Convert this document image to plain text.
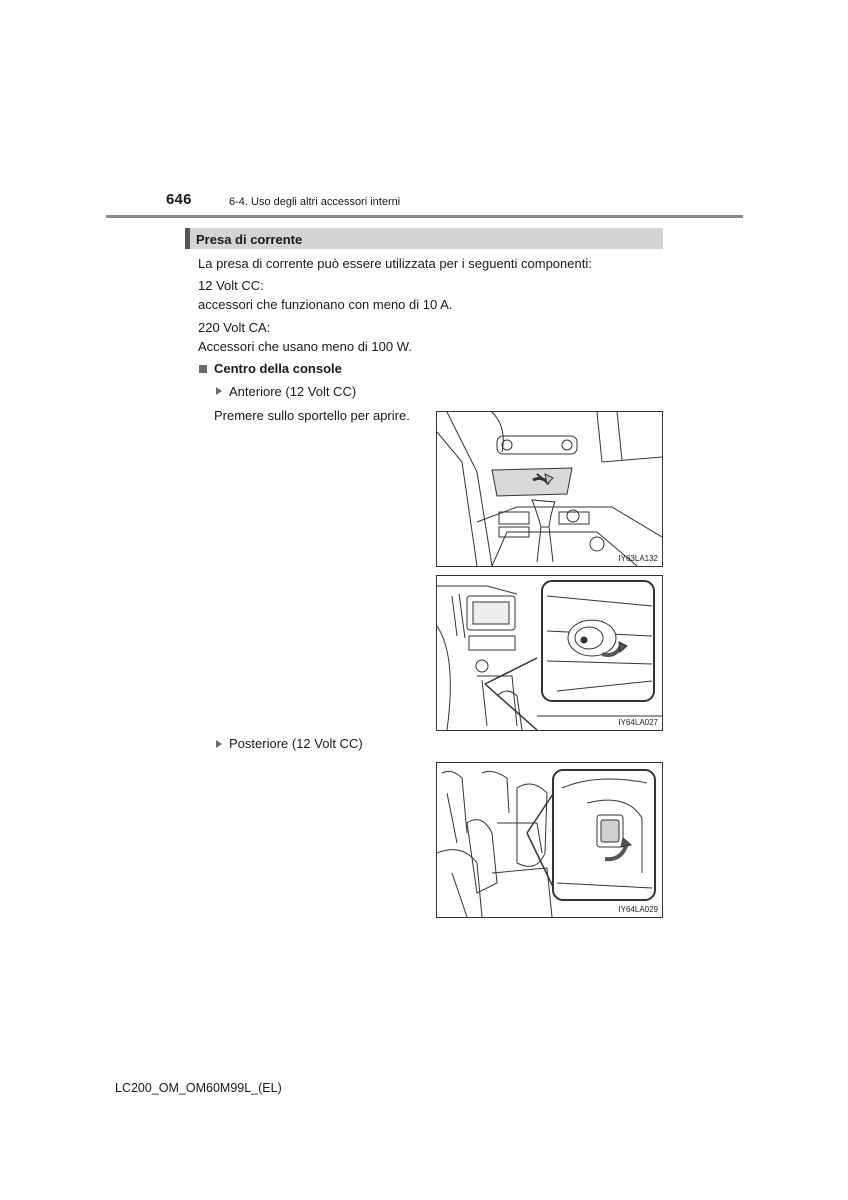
646	6-4. Uso degli altri accessori interni
Presa di corrente
La presa di corrente può essere utilizzata per i seguenti componenti:
12 Volt CC:
accessori che funzionano con meno di 10 A.
220 Volt CA:
Accessori che usano meno di 100 W.
Centro della console
Anteriore (12 Volt CC)
Premere sullo sportello per aprire.
Posteriore (12 Volt CC)
IY63LA132
IY64LA027
IY64LA029
LC200_OM_OM60M99L_(EL)
